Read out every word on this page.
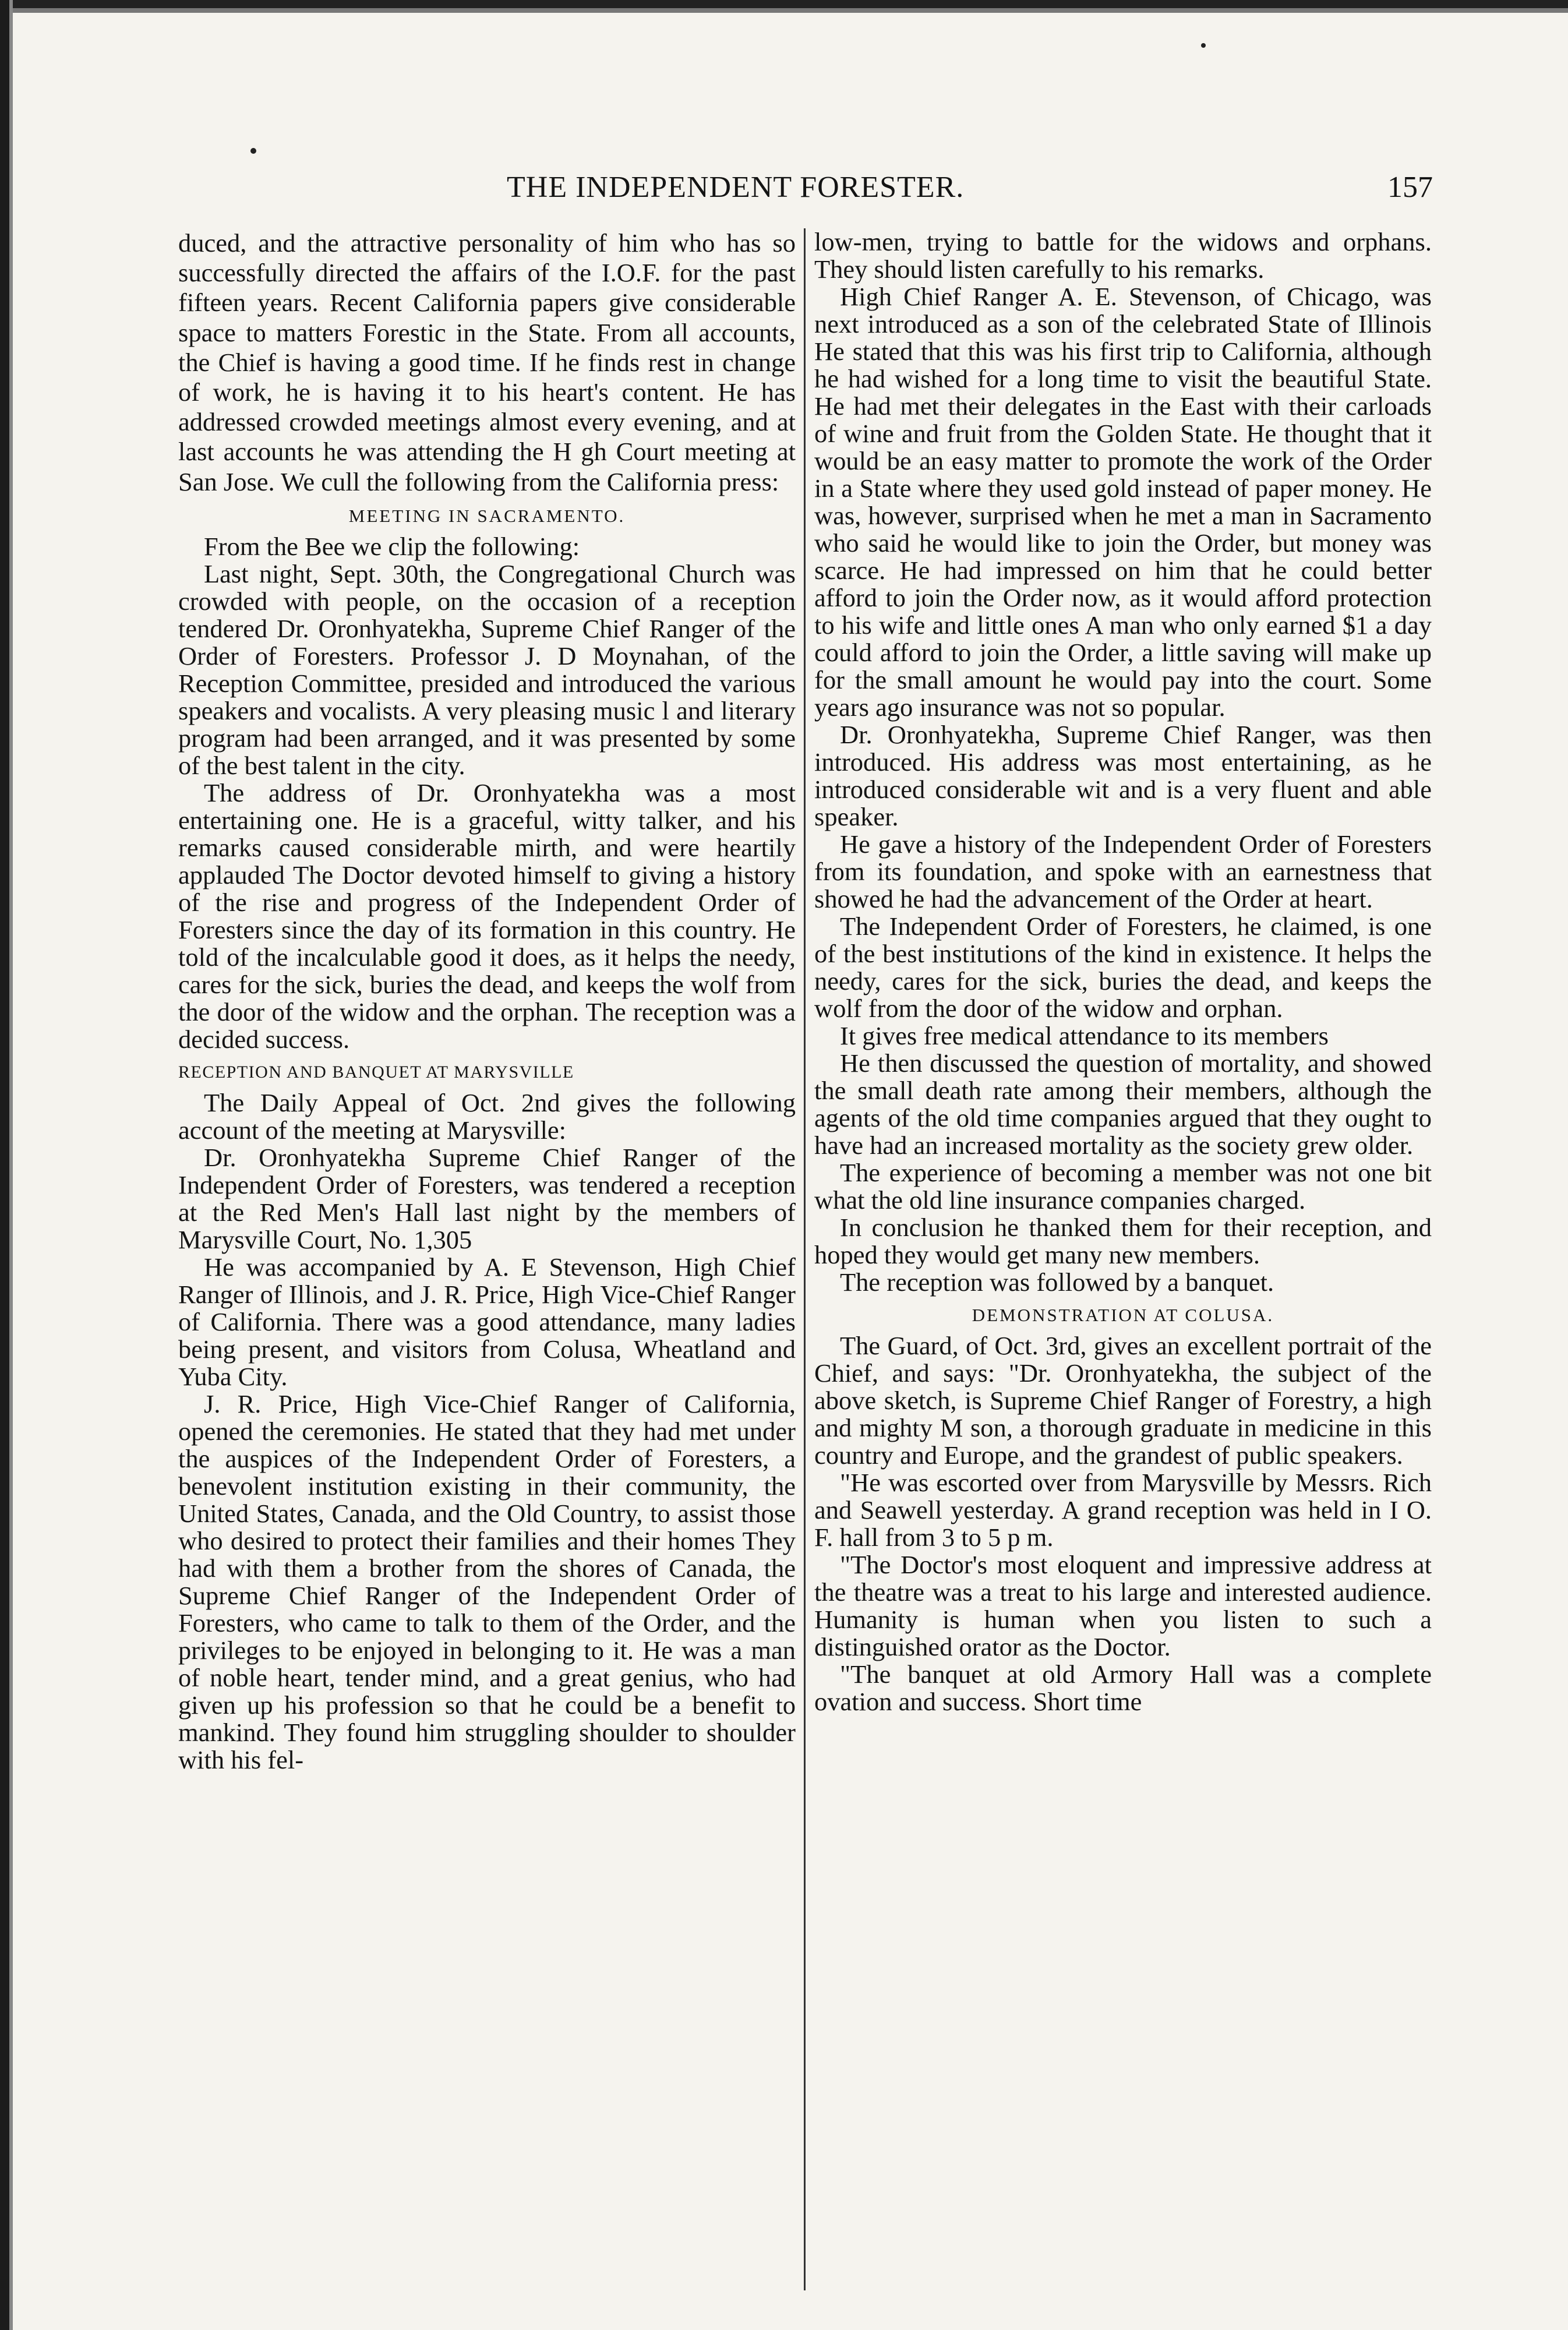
THE INDEPENDENT FORESTER.	157

duced, and the attractive personality of him who has so successfully directed the affairs of the I.O.F. for the past fifteen years. Recent California papers give considerable space to matters Forestic in the State. From all accounts, the Chief is having a good time. If he finds rest in change of work, he is having it to his heart's content. He has addressed crowded meetings almost every evening, and at last accounts he was attending the H gh Court meeting at San Jose. We cull the following from the California press:

MEETING IN SACRAMENTO.

From the Bee we clip the following:

Last night, Sept. 30th, the Congregational Church was crowded with people, on the occasion of a reception tendered Dr. Oronhyatekha, Supreme Chief Ranger of the Order of Foresters. Professor J. D Moynahan, of the Reception Committee, presided and introduced the various speakers and vocalists. A very pleasing music l and literary program had been arranged, and it was presented by some of the best talent in the city.

The address of Dr. Oronhyatekha was a most entertaining one. He is a graceful, witty talker, and his remarks caused considerable mirth, and were heartily applauded The Doctor devoted himself to giving a history of the rise and progress of the Independent Order of Foresters since the day of its formation in this country. He told of the incalculable good it does, as it helps the needy, cares for the sick, buries the dead, and keeps the wolf from the door of the widow and the orphan. The reception was a decided success.

RECEPTION AND BANQUET AT MARYSVILLE

The Daily Appeal of Oct. 2nd gives the following account of the meeting at Marysville:

Dr. Oronhyatekha Supreme Chief Ranger of the Independent Order of Foresters, was tendered a reception at the Red Men's Hall last night by the members of Marysville Court, No. 1,305

He was accompanied by A. E Stevenson, High Chief Ranger of Illinois, and J. R. Price, High Vice-Chief Ranger of California. There was a good attendance, many ladies being present, and visitors from Colusa, Wheatland and Yuba City.

J. R. Price, High Vice-Chief Ranger of California, opened the ceremonies. He stated that they had met under the auspices of the Independent Order of Foresters, a benevolent institution existing in their community, the United States, Canada, and the Old Country, to assist those who desired to protect their families and their homes They had with them a brother from the shores of Canada, the Supreme Chief Ranger of the Independent Order of Foresters, who came to talk to them of the Order, and the privileges to be enjoyed in belonging to it. He was a man of noble heart, tender mind, and a great genius, who had given up his profession so that he could be a benefit to mankind. They found him struggling shoulder to shoulder with his fel-

low-men, trying to battle for the widows and orphans. They should listen carefully to his remarks.

High Chief Ranger A. E. Stevenson, of Chicago, was next introduced as a son of the celebrated State of Illinois He stated that this was his first trip to California, although he had wished for a long time to visit the beautiful State. He had met their delegates in the East with their carloads of wine and fruit from the Golden State. He thought that it would be an easy matter to promote the work of the Order in a State where they used gold instead of paper money. He was, however, surprised when he met a man in Sacramento who said he would like to join the Order, but money was scarce. He had impressed on him that he could better afford to join the Order now, as it would afford protection to his wife and little ones A man who only earned $1 a day could afford to join the Order, a little saving will make up for the small amount he would pay into the court. Some years ago insurance was not so popular.

Dr. Oronhyatekha, Supreme Chief Ranger, was then introduced. His address was most entertaining, as he introduced considerable wit and is a very fluent and able speaker.

He gave a history of the Independent Order of Foresters from its foundation, and spoke with an earnestness that showed he had the advancement of the Order at heart.

The Independent Order of Foresters, he claimed, is one of the best institutions of the kind in existence. It helps the needy, cares for the sick, buries the dead, and keeps the wolf from the door of the widow and orphan.

It gives free medical attendance to its members

He then discussed the question of mortality, and showed the small death rate among their members, although the agents of the old time companies argued that they ought to have had an increased mortality as the society grew older.

The experience of becoming a member was not one bit what the old line insurance companies charged.

In conclusion he thanked them for their reception, and hoped they would get many new members.

The reception was followed by a banquet.

DEMONSTRATION AT COLUSA.

The Guard, of Oct. 3rd, gives an excellent portrait of the Chief, and says: "Dr. Oronhyatekha, the subject of the above sketch, is Supreme Chief Ranger of Forestry, a high and mighty M son, a thorough graduate in medicine in this country and Europe, and the grandest of public speakers.

"He was escorted over from Marysville by Messrs. Rich and Seawell yesterday. A grand reception was held in I O. F. hall from 3 to 5 p m.

"The Doctor's most eloquent and impressive address at the theatre was a treat to his large and interested audience. Humanity is human when you listen to such a distinguished orator as the Doctor.

"The banquet at old Armory Hall was a complete ovation and success. Short time
